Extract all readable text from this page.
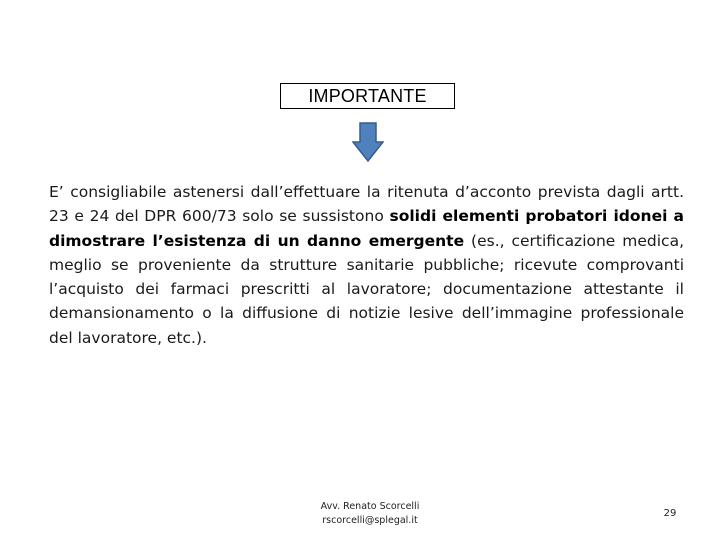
IMPORTANTE
E’ consigliabile astenersi dall’effettuare la ritenuta d’acconto prevista dagli artt. 23 e 24 del DPR 600/73 solo se sussistono solidi elementi probatori idonei a dimostrare l’esistenza di un danno emergente (es., certificazione medica, meglio se proveniente da strutture sanitarie pubbliche; ricevute comprovanti l’acquisto dei farmaci prescritti al lavoratore; documentazione attestante il demansionamento o la diffusione di notizie lesive dell’immagine professionale del lavoratore, etc.).
Avv. Renato Scorcelli
rscorcelli@splegal.it
29
